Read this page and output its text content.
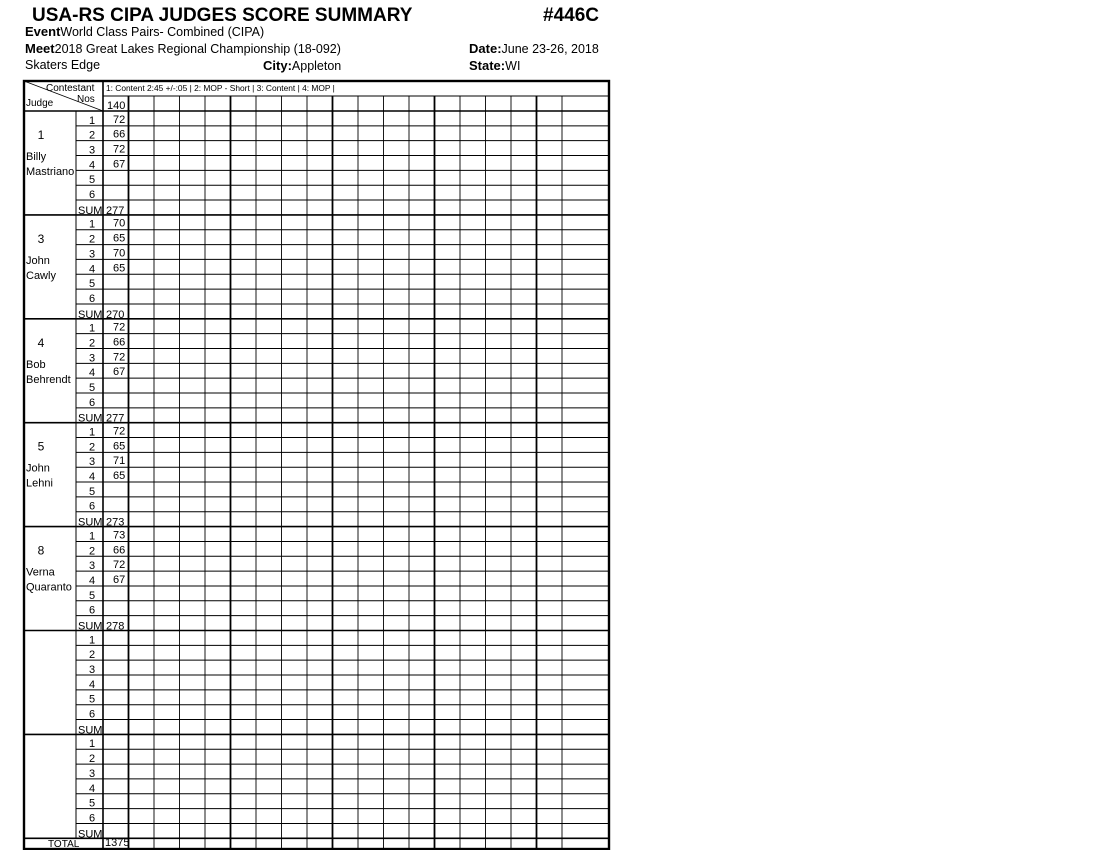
USA-RS CIPA JUDGES SCORE SUMMARY	#446C
EventWorld Class Pairs- Combined (CIPA)
Meet2018 Great Lakes Regional Championship (18-092)	Date:June 23-26, 2018
Skaters Edge	City:Appleton	State:WI
Contestant
Nos
Judge
1: Content 2:45 +/-:05 | 2: MOP - Short | 3: Content | 4: MOP |
140
1
Billy
Mastriano
1 72
2 66
3 72
4 67
5
6
SUM 277
3
John
Cawly
1 70
2 65
3 70
4 65
5
6
SUM 270
4
Bob
Behrendt
1 72
2 66
3 72
4 67
5
6
SUM 277
5
John
Lehni
1 72
2 65
3 71
4 65
5
6
SUM 273
8
Verna
Quaranto
1 73
2 66
3 72
4 67
5
6
SUM 278
1
2
3
4
5
6
SUM
1
2
3
4
5
6
SUM
TOTAL 1375
